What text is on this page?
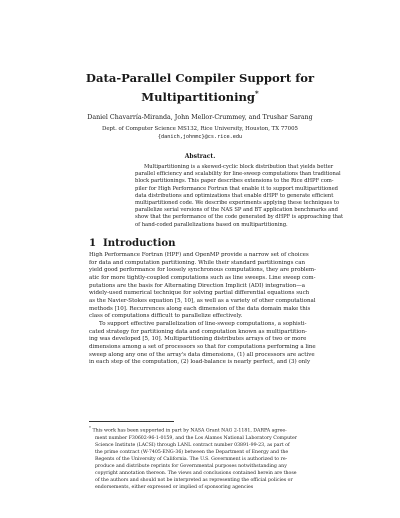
Data-Parallel Compiler Support for
Multipartitioning*
Daniel Chavarría-Miranda, John Mellor-Crummey, and Trushar Sarang
Dept. of Computer Science MS132, Rice University, Houston, TX 77005
{danich,johnmc}@cs.rice.edu
Abstract.
Multipartitioning is a skewed-cyclic block distribution that yields better
parallel efficiency and scalability for line-sweep computations than traditional
block partitionings. This paper describes extensions to the Rice dHPF com-
piler for High Performance Fortran that enable it to support multipartitioned
data distributions and optimizations that enable dHPF to generate efficient
multipartitioned code. We describe experiments applying these techniques to
parallelize serial versions of the NAS SP and BT application benchmarks and
show that the performance of the code generated by dHPF is approaching that
of hand-coded parallelizations based on multipartitioning.
1 Introduction
High Performance Fortran (HPF) and OpenMP provide a narrow set of choices
for data and computation partitioning. While their standard partitionings can
yield good performance for loosely synchronous computations, they are problem-
atic for more tightly-coupled computations such as line sweeps. Line sweep com-
putations are the basis for Alternating Direction Implicit (ADI) integration—a
widely-used numerical technique for solving partial differential equations such
as the Navier-Stokes equation [5, 10], as well as a variety of other computational
methods [10]. Recurrences along each dimension of the data domain make this
class of computations difficult to parallelize effectively.
To support effective parallelization of line-sweep computations, a sophisti-
cated strategy for partitioning data and computation known as multipartition-
ing was developed [5, 10]. Multipartitioning distributes arrays of two or more
dimensions among a set of processors so that for computations performing a line
sweep along any one of the array's data dimensions, (1) all processors are active
in each step of the computation, (2) load-balance is nearly perfect, and (3) only
* This work has been supported in part by NASA Grant NAG 2-1181, DARPA agree-
ment number F30602-96-1-0159, and the Los Alamos National Laboratory Computer
Science Institute (LACSI) through LANL contract number 03891-99-23, as part of
the prime contract (W-7405-ENG-36) between the Department of Energy and the
Regents of the University of California. The U.S. Government is authorized to re-
produce and distribute reprints for Governmental purposes notwithstanding any
copyright annotation thereon. The views and conclusions contained herein are those
of the authors and should not be interpreted as representing the official policies or
endorsements, either expressed or implied of sponsoring agencies
